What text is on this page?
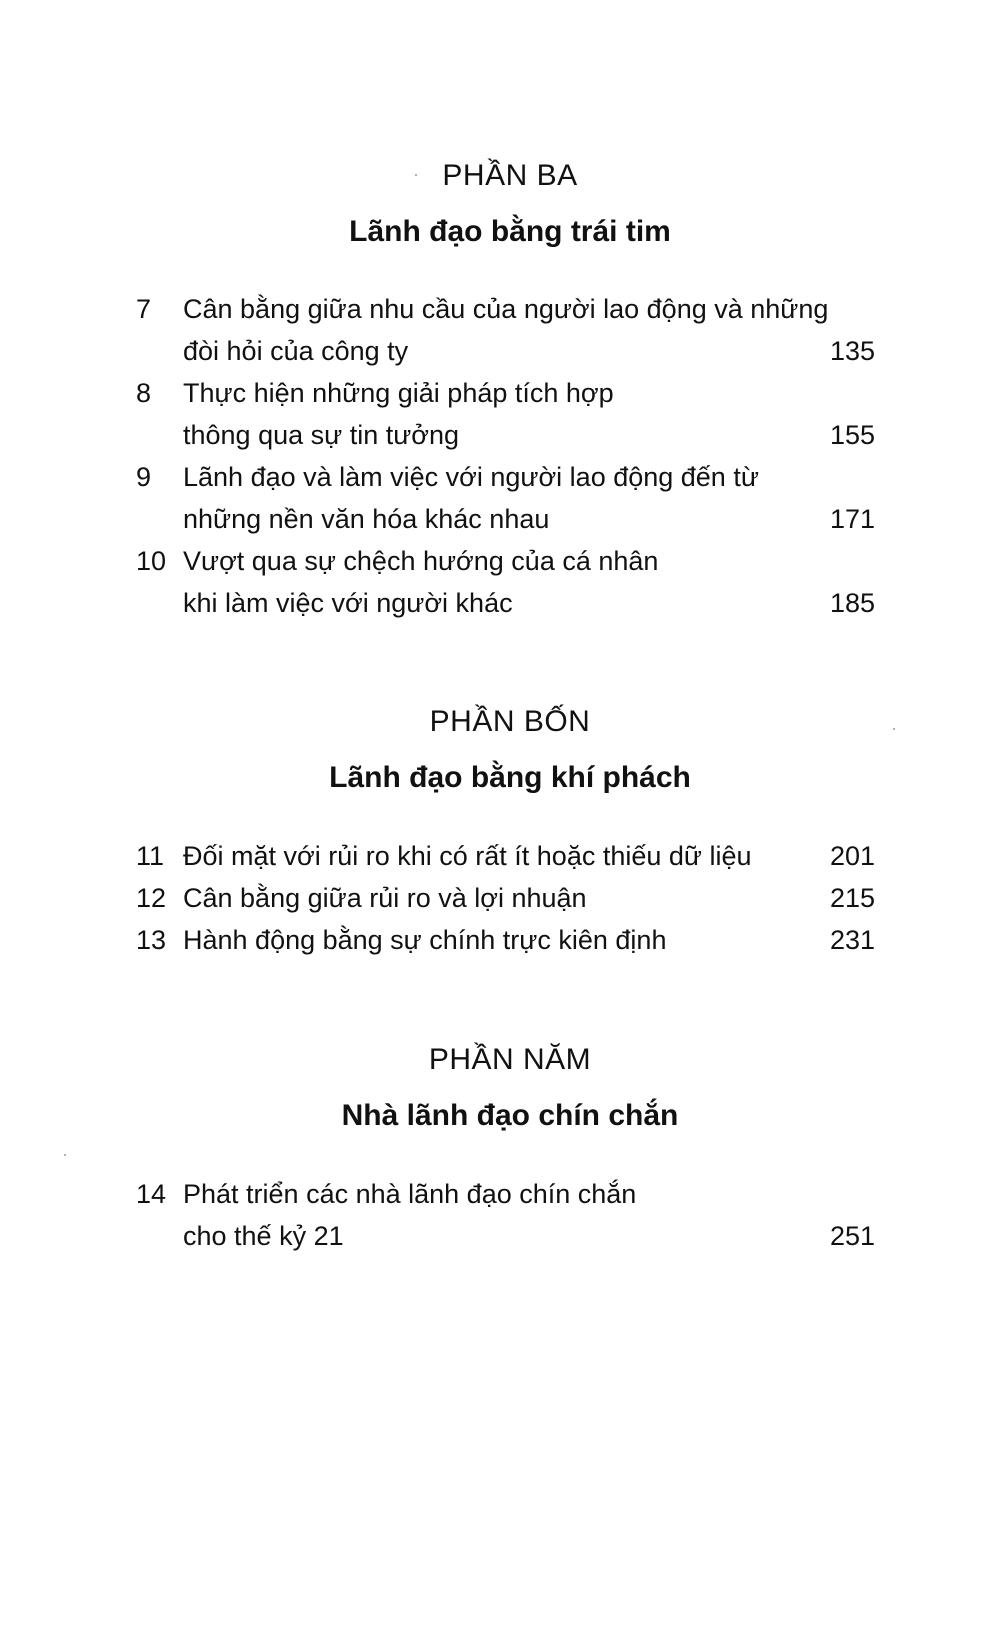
PHẦN BA
Lãnh đạo bằng trái tim
7 Cân bằng giữa nhu cầu của người lao động và những
đòi hỏi của công ty	135
8 Thực hiện những giải pháp tích hợp
thông qua sự tin tưởng	155
9 Lãnh đạo và làm việc với người lao động đến từ
những nền văn hóa khác nhau	171
10 Vượt qua sự chệch hướng của cá nhân
khi làm việc với người khác	185
PHẦN BỐN
Lãnh đạo bằng khí phách
11 Đối mặt với rủi ro khi có rất ít hoặc thiếu dữ liệu	201
12 Cân bằng giữa rủi ro và lợi nhuận	215
13 Hành động bằng sự chính trực kiên định	231
PHẦN NĂM
Nhà lãnh đạo chín chắn
14 Phát triển các nhà lãnh đạo chín chắn
cho thế kỷ 21	251
